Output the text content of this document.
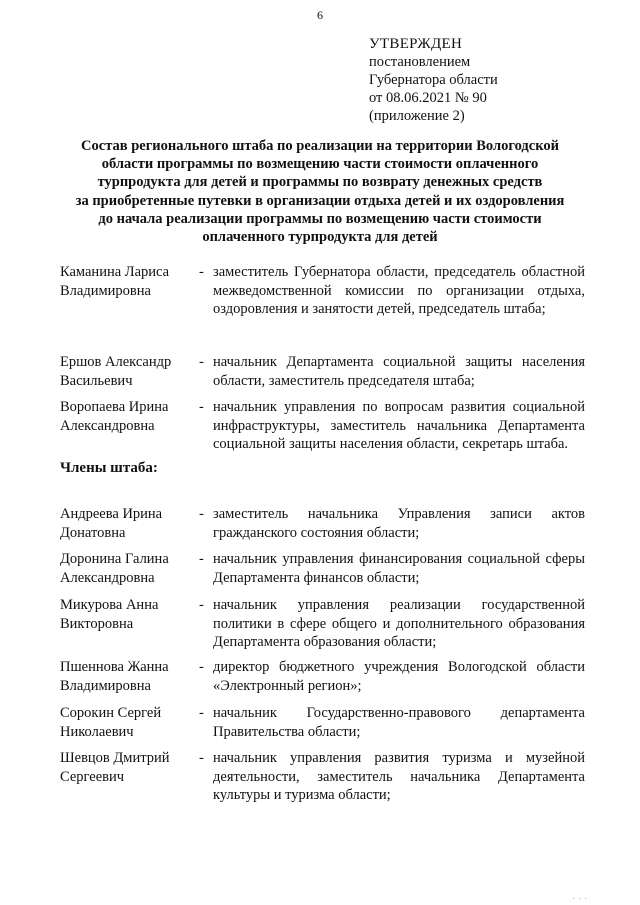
6
УТВЕРЖДЕН
постановлением
Губернатора области
от 08.06.2021 № 90
(приложение 2)
Состав регионального штаба по реализации на территории Вологодской
области программы по возмещению части стоимости оплаченного
турпродукта для детей и программы по возврату денежных средств
за приобретенные путевки в организации отдыха детей и их оздоровления
до начала реализации программы по возмещению части стоимости
оплаченного турпродукта для детей
Каманина Лариса
Владимировна
- заместитель Губернатора области, председатель областной межведомственной комиссии по организации отдыха, оздоровления и занятости детей, председатель штаба;
Ершов Александр
Васильевич
- начальник Департамента социальной защиты населения области, заместитель председателя штаба;
Воропаева Ирина
Александровна
- начальник управления по вопросам развития социальной инфраструктуры, заместитель начальника Департамента социальной защиты населения области, секретарь штаба.
Члены штаба:
Андреева Ирина
Донатовна
- заместитель начальника Управления записи актов гражданского состояния области;
Доронина Галина
Александровна
- начальник управления финансирования социальной сферы Департамента финансов области;
Микурова Анна
Викторовна
- начальник управления реализации государственной политики в сфере общего и дополнительного образования Департамента образования области;
Пшеннова Жанна
Владимировна
- директор бюджетного учреждения Вологодской области «Электронный регион»;
Сорокин Сергей
Николаевич
- начальник Государственно-правового департамента Правительства области;
Шевцов Дмитрий
Сергеевич
- начальник управления развития туризма и музейной деятельности, заместитель начальника Департамента культуры и туризма области;
· · ·
